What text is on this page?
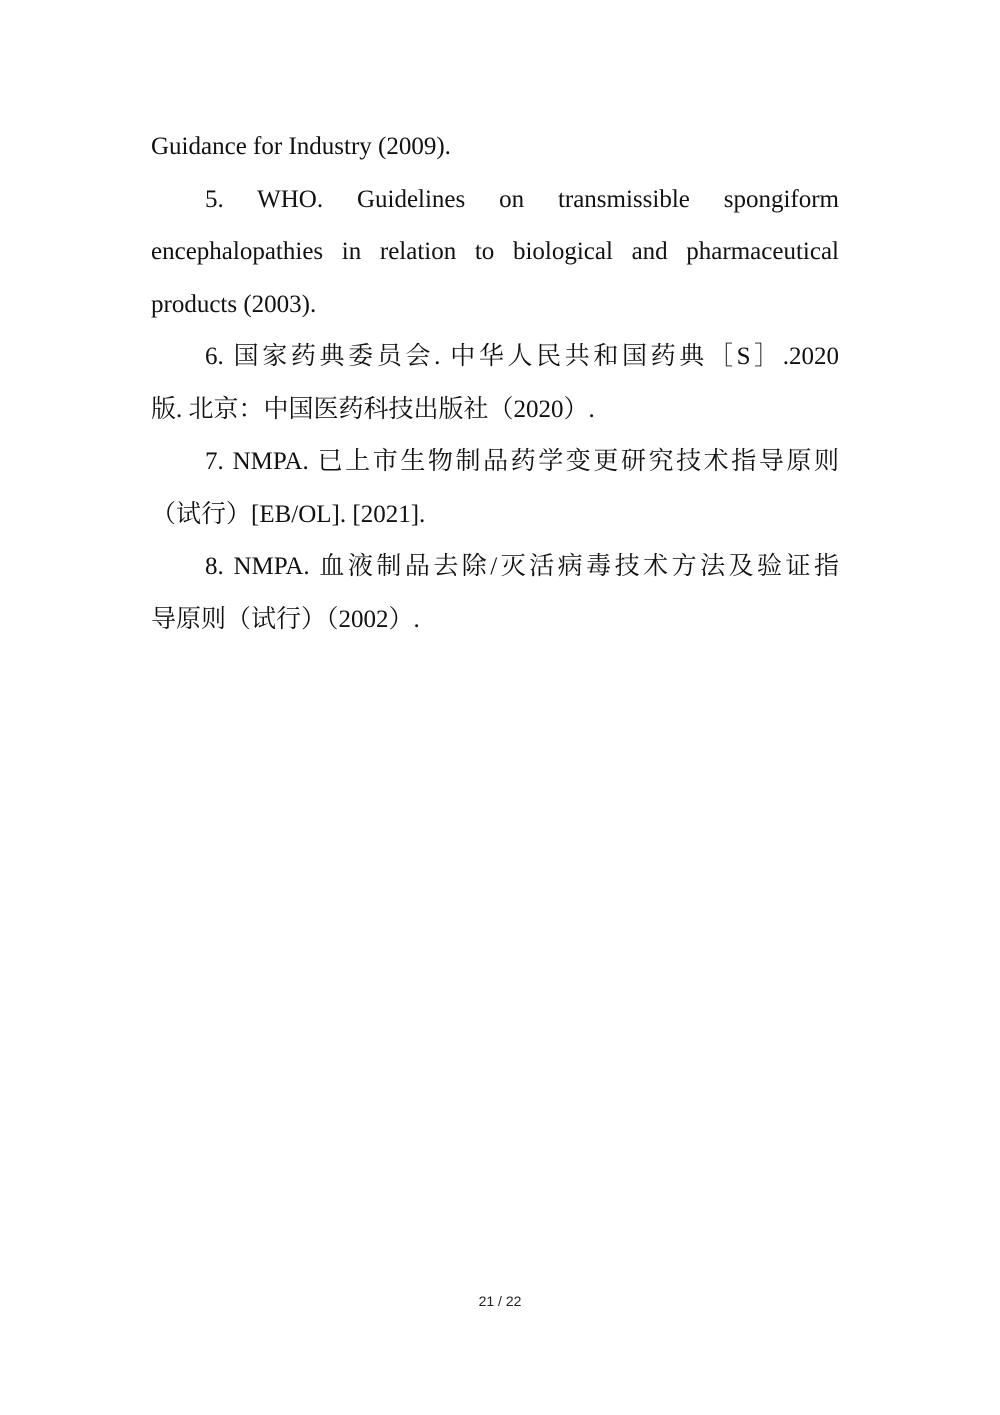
Guidance for Industry (2009).
5. WHO. Guidelines on transmissible spongiform
encephalopathies in relation to biological and pharmaceutical
products (2003).
6. 国家药典委员会. 中华人民共和国药典［S］.2020
版. 北京：中国医药科技出版社（2020）.
7. NMPA. 已上市生物制品药学变更研究技术指导原则
（试行）[EB/OL]. [2021].
8. NMPA. 血液制品去除/灭活病毒技术方法及验证指
导原则（试行）（2002）.
21 / 22
